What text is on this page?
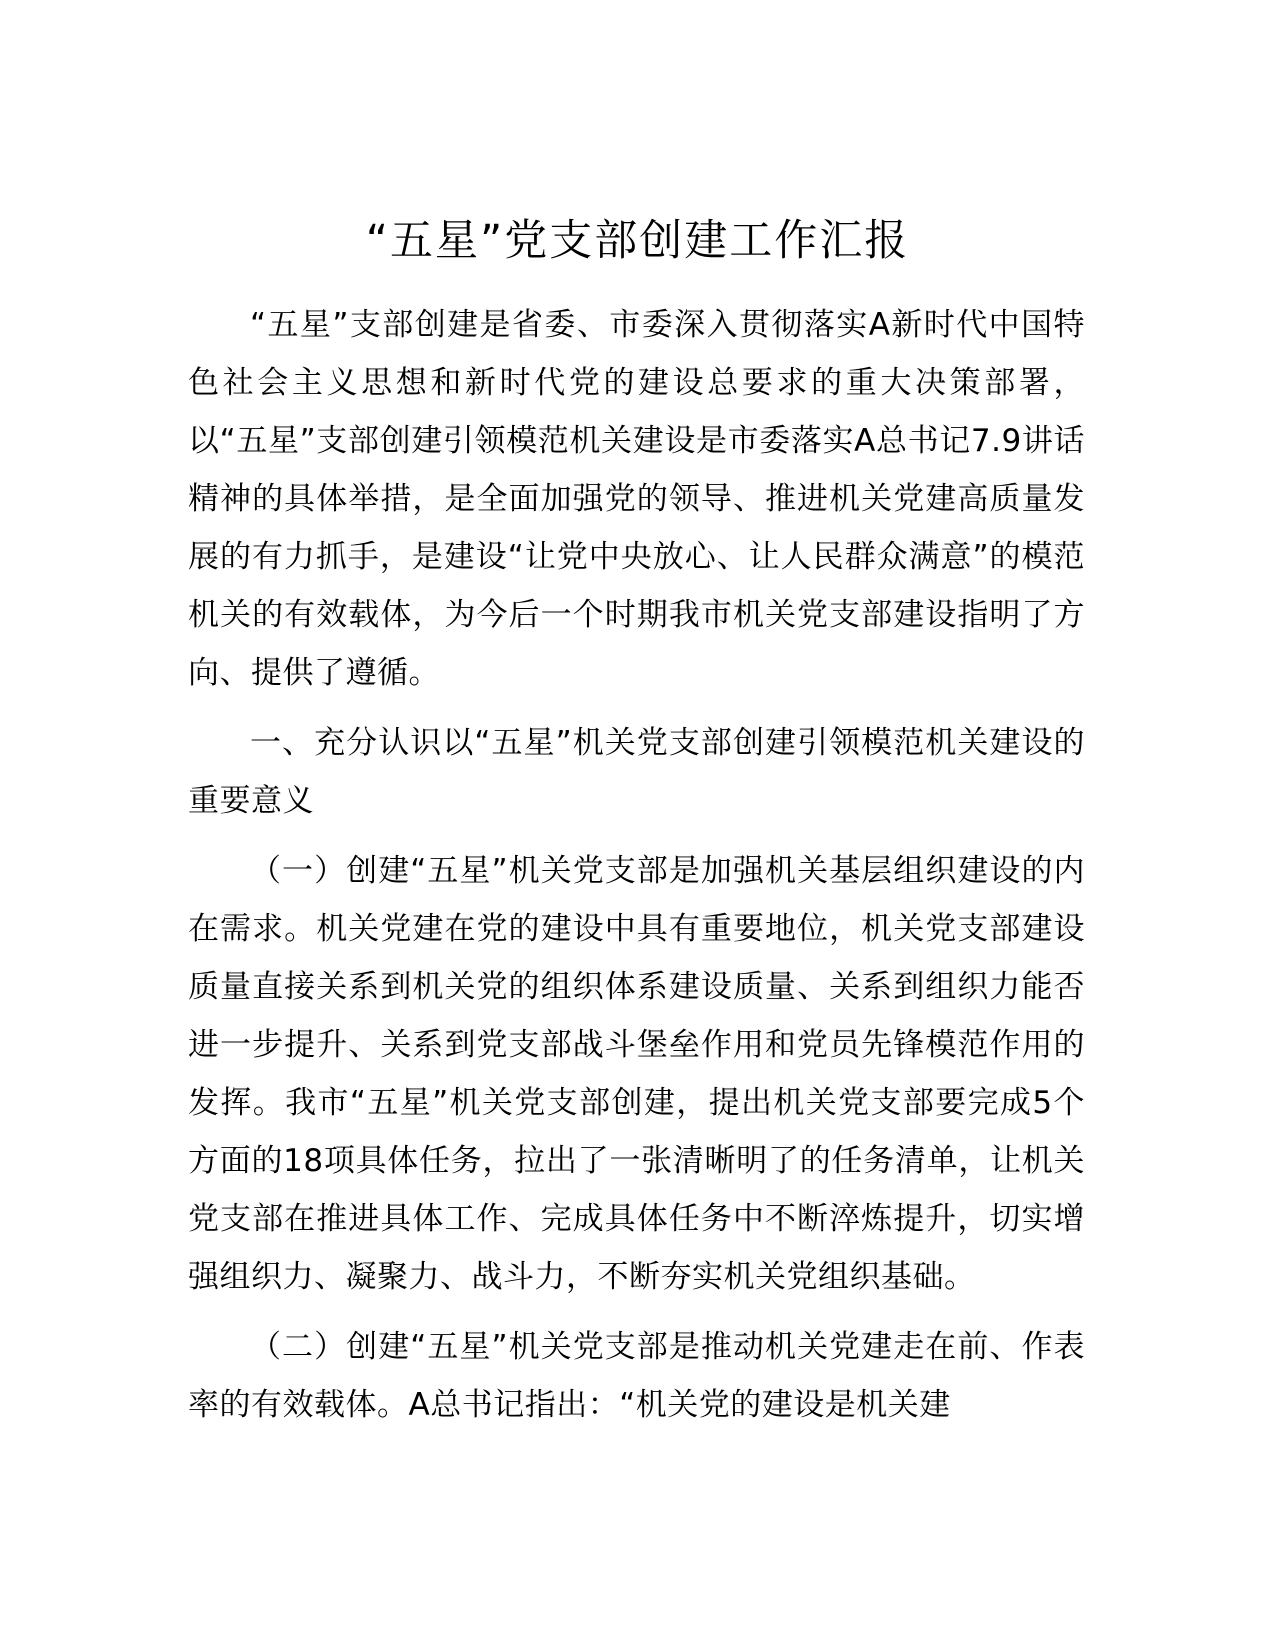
“五星”党支部创建工作汇报

“五星”支部创建是省委、市委深入贯彻落实A新时代中国特色社会主义思想和新时代党的建设总要求的重大决策部署，以“五星”支部创建引领模范机关建设是市委落实A总书记7.9讲话精神的具体举措，是全面加强党的领导、推进机关党建高质量发展的有力抓手，是建设“让党中央放心、让人民群众满意”的模范机关的有效载体，为今后一个时期我市机关党支部建设指明了方向、提供了遵循。

一、充分认识以“五星”机关党支部创建引领模范机关建设的重要意义

（一）创建“五星”机关党支部是加强机关基层组织建设的内在需求。机关党建在党的建设中具有重要地位，机关党支部建设质量直接关系到机关党的组织体系建设质量、关系到组织力能否进一步提升、关系到党支部战斗堡垒作用和党员先锋模范作用的发挥。我市“五星”机关党支部创建，提出机关党支部要完成5个方面的18项具体任务，拉出了一张清晰明了的任务清单，让机关党支部在推进具体工作、完成具体任务中不断淬炼提升，切实增强组织力、凝聚力、战斗力，不断夯实机关党组织基础。

（二）创建“五星”机关党支部是推动机关党建走在前、作表率的有效载体。A总书记指出：“机关党的建设是机关建
